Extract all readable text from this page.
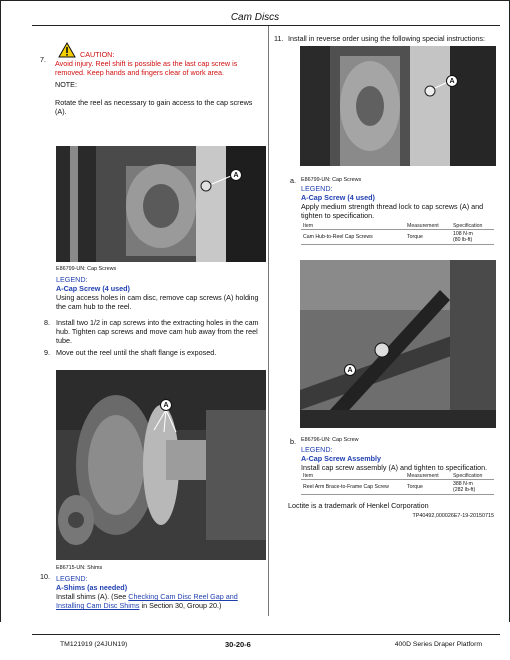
Cam Discs
7.
CAUTION:
Avoid injury. Reel shift is possible as the last cap screw is removed. Keep hands and fingers clear of work area.
NOTE:
Rotate the reel as necessary to gain access to the cap screws (A).
A
E86799-UN: Cap Screws
LEGEND:
A-Cap Screw (4 used)
Using access holes in cam disc, remove cap screws (A) holding the cam hub to the reel.
8. Install two 1/2 in cap screws into the extracting holes in the cam hub. Tighten cap screws and move cam hub away from the reel tube.
9. Move out the reel until the shaft flange is exposed.
A
E86715-UN: Shims
10. LEGEND:
A-Shims (as needed)
Install shims (A). (See Checking Cam Disc Reel Gap and Installing Cam Disc Shims in Section 30, Group 20.)
11. Install in reverse order using the following special instructions:
A
a. E86799-UN: Cap Screws
LEGEND:
A-Cap Screw (4 used)
Apply medium strength thread lock to cap screws (A) and tighten to specification.
Item	Measurement	Specification
Cam Hub-to-Reel Cap Screws	Torque	108 N·m
(80 lb-ft)
A
b. E86796-UN: Cap Screw
LEGEND:
A-Cap Screw Assembly
Install cap screw assembly (A) and tighten to specification.
Item	Measurement	Specification
Reel Arm Brace-to-Frame Cap Screw	Torque	388 N·m
(282 lb-ft)
Loctite is a trademark of Henkel Corporation
TP40492,000026E7-19-20150715
TM121919 (24JUN19)	30-20-6	400D Series Draper Platform
